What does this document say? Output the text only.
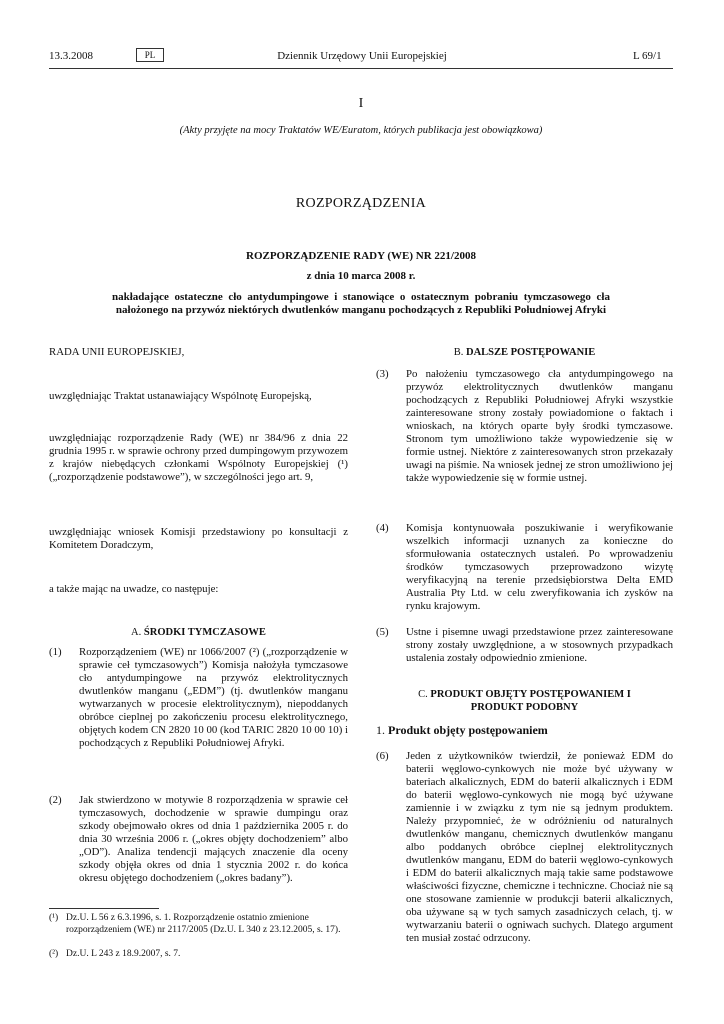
13.3.2008	PL	Dziennik Urzędowy Unii Europejskiej	L 69/1
I
(Akty przyjęte na mocy Traktatów WE/Euratom, których publikacja jest obowiązkowa)
ROZPORZĄDZENIA
ROZPORZĄDZENIE RADY (WE) NR 221/2008
z dnia 10 marca 2008 r.
nakładające ostateczne cło antydumpingowe i stanowiące o ostatecznym pobraniu tymczasowego cła nałożonego na przywóz niektórych dwutlenków manganu pochodzących z Republiki Południowej Afryki
RADA UNII EUROPEJSKIEJ,
uwzględniając Traktat ustanawiający Wspólnotę Europejską,
uwzględniając rozporządzenie Rady (WE) nr 384/96 z dnia 22 grudnia 1995 r. w sprawie ochrony przed dumpingowym przywozem z krajów niebędących członkami Wspólnoty Europejskiej (¹) („rozporządzenie podstawowe”), w szczególności jego art. 9,
uwzględniając wniosek Komisji przedstawiony po konsultacji z Komitetem Doradczym,
a także mając na uwadze, co następuje:
A. ŚRODKI TYMCZASOWE
(1) Rozporządzeniem (WE) nr 1066/2007 (²) („rozporządzenie w sprawie ceł tymczasowych”) Komisja nałożyła tymczasowe cło antydumpingowe na przywóz elektrolitycznych dwutlenków manganu („EDM”) (tj. dwutlenków manganu wytwarzanych w procesie elektrolitycznym), niepoddanych obróbce cieplnej po zakończeniu procesu elektrolitycznego, objętych kodem CN 2820 10 00 (kod TARIC 2820 10 00 10) i pochodzących z Republiki Południowej Afryki.
(2) Jak stwierdzono w motywie 8 rozporządzenia w sprawie ceł tymczasowych, dochodzenie w sprawie dumpingu oraz szkody obejmowało okres od dnia 1 października 2005 r. do dnia 30 września 2006 r. („okres objęty dochodzeniem” albo „OD”). Analiza tendencji mających znaczenie dla oceny szkody objęła okres od dnia 1 stycznia 2002 r. do końca okresu objętego dochodzeniem („okres badany”).
B. DALSZE POSTĘPOWANIE
(3) Po nałożeniu tymczasowego cła antydumpingowego na przywóz elektrolitycznych dwutlenków manganu pochodzących z Republiki Południowej Afryki wszystkie zainteresowane strony zostały powiadomione o faktach i wnioskach, na których oparte były środki tymczasowe. Stronom tym umożliwiono także wypowiedzenie się w formie ustnej. Niektóre z zainteresowanych stron przekazały uwagi na piśmie. Na wniosek jednej ze stron umożliwiono jej także wypowiedzenie się w formie ustnej.
(4) Komisja kontynuowała poszukiwanie i weryfikowanie wszelkich informacji uznanych za konieczne do sformułowania ostatecznych ustaleń. Po wprowadzeniu środków tymczasowych przeprowadzono wizytę weryfikacyjną na terenie przedsiębiorstwa Delta EMD Australia Pty Ltd. w celu zweryfikowania ich zysków na rynku krajowym.
(5) Ustne i pisemne uwagi przedstawione przez zainteresowane strony zostały uwzględnione, a w stosownych przypadkach ustalenia zostały odpowiednio zmienione.
C. PRODUKT OBJĘTY POSTĘPOWANIEM I PRODUKT PODOBNY
1. Produkt objęty postępowaniem
(6) Jeden z użytkowników twierdził, że ponieważ EDM do baterii węglowo-cynkowych nie może być używany w bateriach alkalicznych, EDM do baterii alkalicznych i EDM do baterii węglowo-cynkowych nie mogą być używane zamiennie i w związku z tym nie są jednym produktem. Należy przypomnieć, że w odróżnieniu od naturalnych dwutlenków manganu, chemicznych dwutlenków manganu albo poddanych obróbce cieplnej elektrolitycznych dwutlenków manganu, EDM do baterii węglowo-cynkowych i EDM do baterii alkalicznych mają takie same podstawowe właściwości fizyczne, chemiczne i techniczne. Chociaż nie są one stosowane zamiennie w produkcji baterii alkalicznych, oba używane są w tych samych zasadniczych celach, tj. w wytwarzaniu baterii o ogniwach suchych. Dlatego argument ten musiał zostać odrzucony.
(¹) Dz.U. L 56 z 6.3.1996, s. 1. Rozporządzenie ostatnio zmienione rozporządzeniem (WE) nr 2117/2005 (Dz.U. L 340 z 23.12.2005, s. 17).
(²) Dz.U. L 243 z 18.9.2007, s. 7.
